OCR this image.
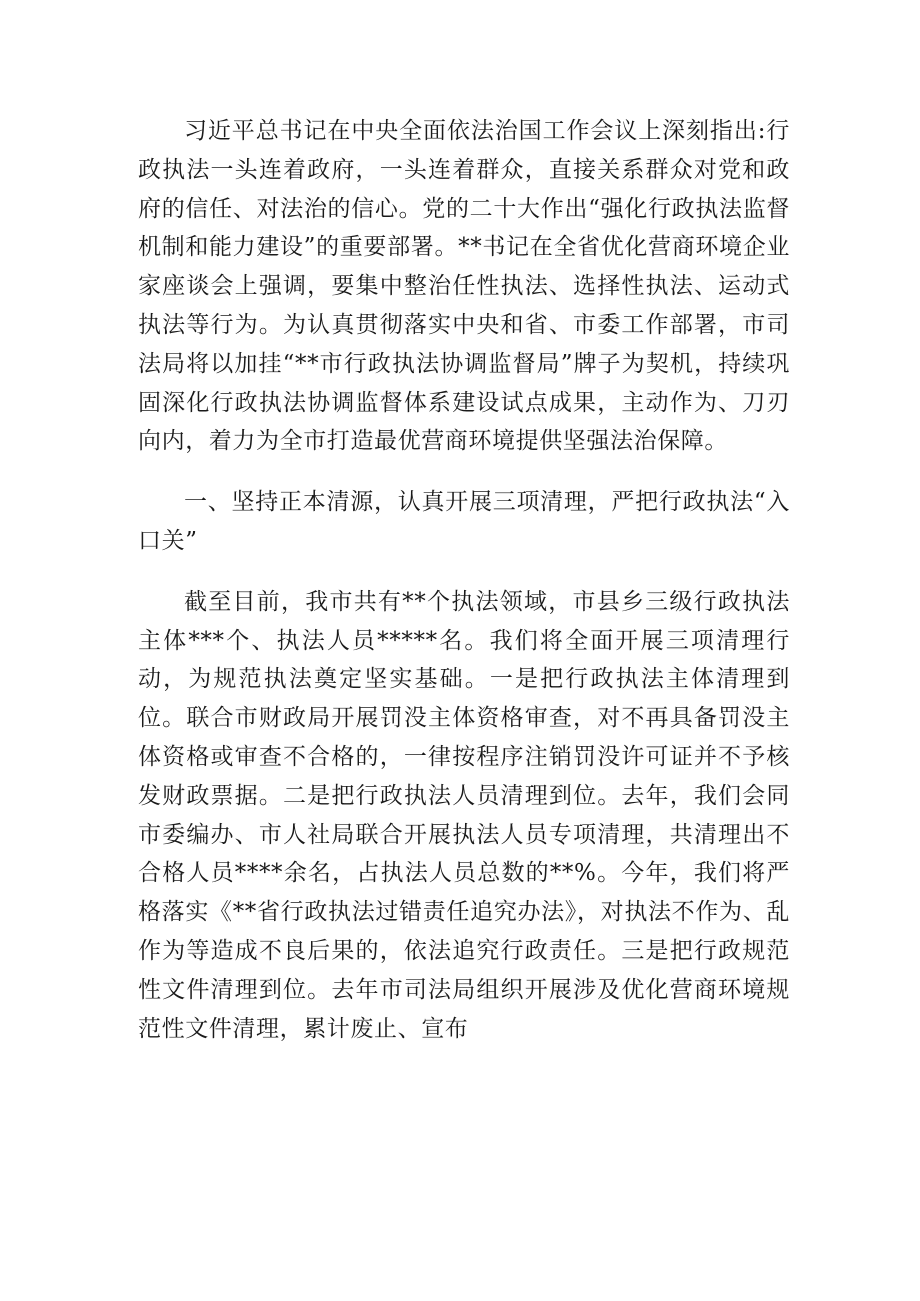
习近平总书记在中央全面依法治国工作会议上深刻指出:行政执法一头连着政府，一头连着群众，直接关系群众对党和政府的信任、对法治的信心。党的二十大作出“强化行政执法监督机制和能力建设”的重要部署。**书记在全省优化营商环境企业家座谈会上强调，要集中整治任性执法、选择性执法、运动式执法等行为。为认真贯彻落实中央和省、市委工作部署，市司法局将以加挂“**市行政执法协调监督局”牌子为契机，持续巩固深化行政执法协调监督体系建设试点成果，主动作为、刀刃向内，着力为全市打造最优营商环境提供坚强法治保障。

一、坚持正本清源，认真开展三项清理，严把行政执法“入口关”

截至目前，我市共有**个执法领域，市县乡三级行政执法主体***个、执法人员*****名。我们将全面开展三项清理行动，为规范执法奠定坚实基础。一是把行政执法主体清理到位。联合市财政局开展罚没主体资格审查，对不再具备罚没主体资格或审查不合格的，一律按程序注销罚没许可证并不予核发财政票据。二是把行政执法人员清理到位。去年，我们会同市委编办、市人社局联合开展执法人员专项清理，共清理出不合格人员****余名，占执法人员总数的**%。今年，我们将严格落实《**省行政执法过错责任追究办法》，对执法不作为、乱作为等造成不良后果的，依法追究行政责任。三是把行政规范性文件清理到位。去年市司法局组织开展涉及优化营商环境规范性文件清理，累计废止、宣布
